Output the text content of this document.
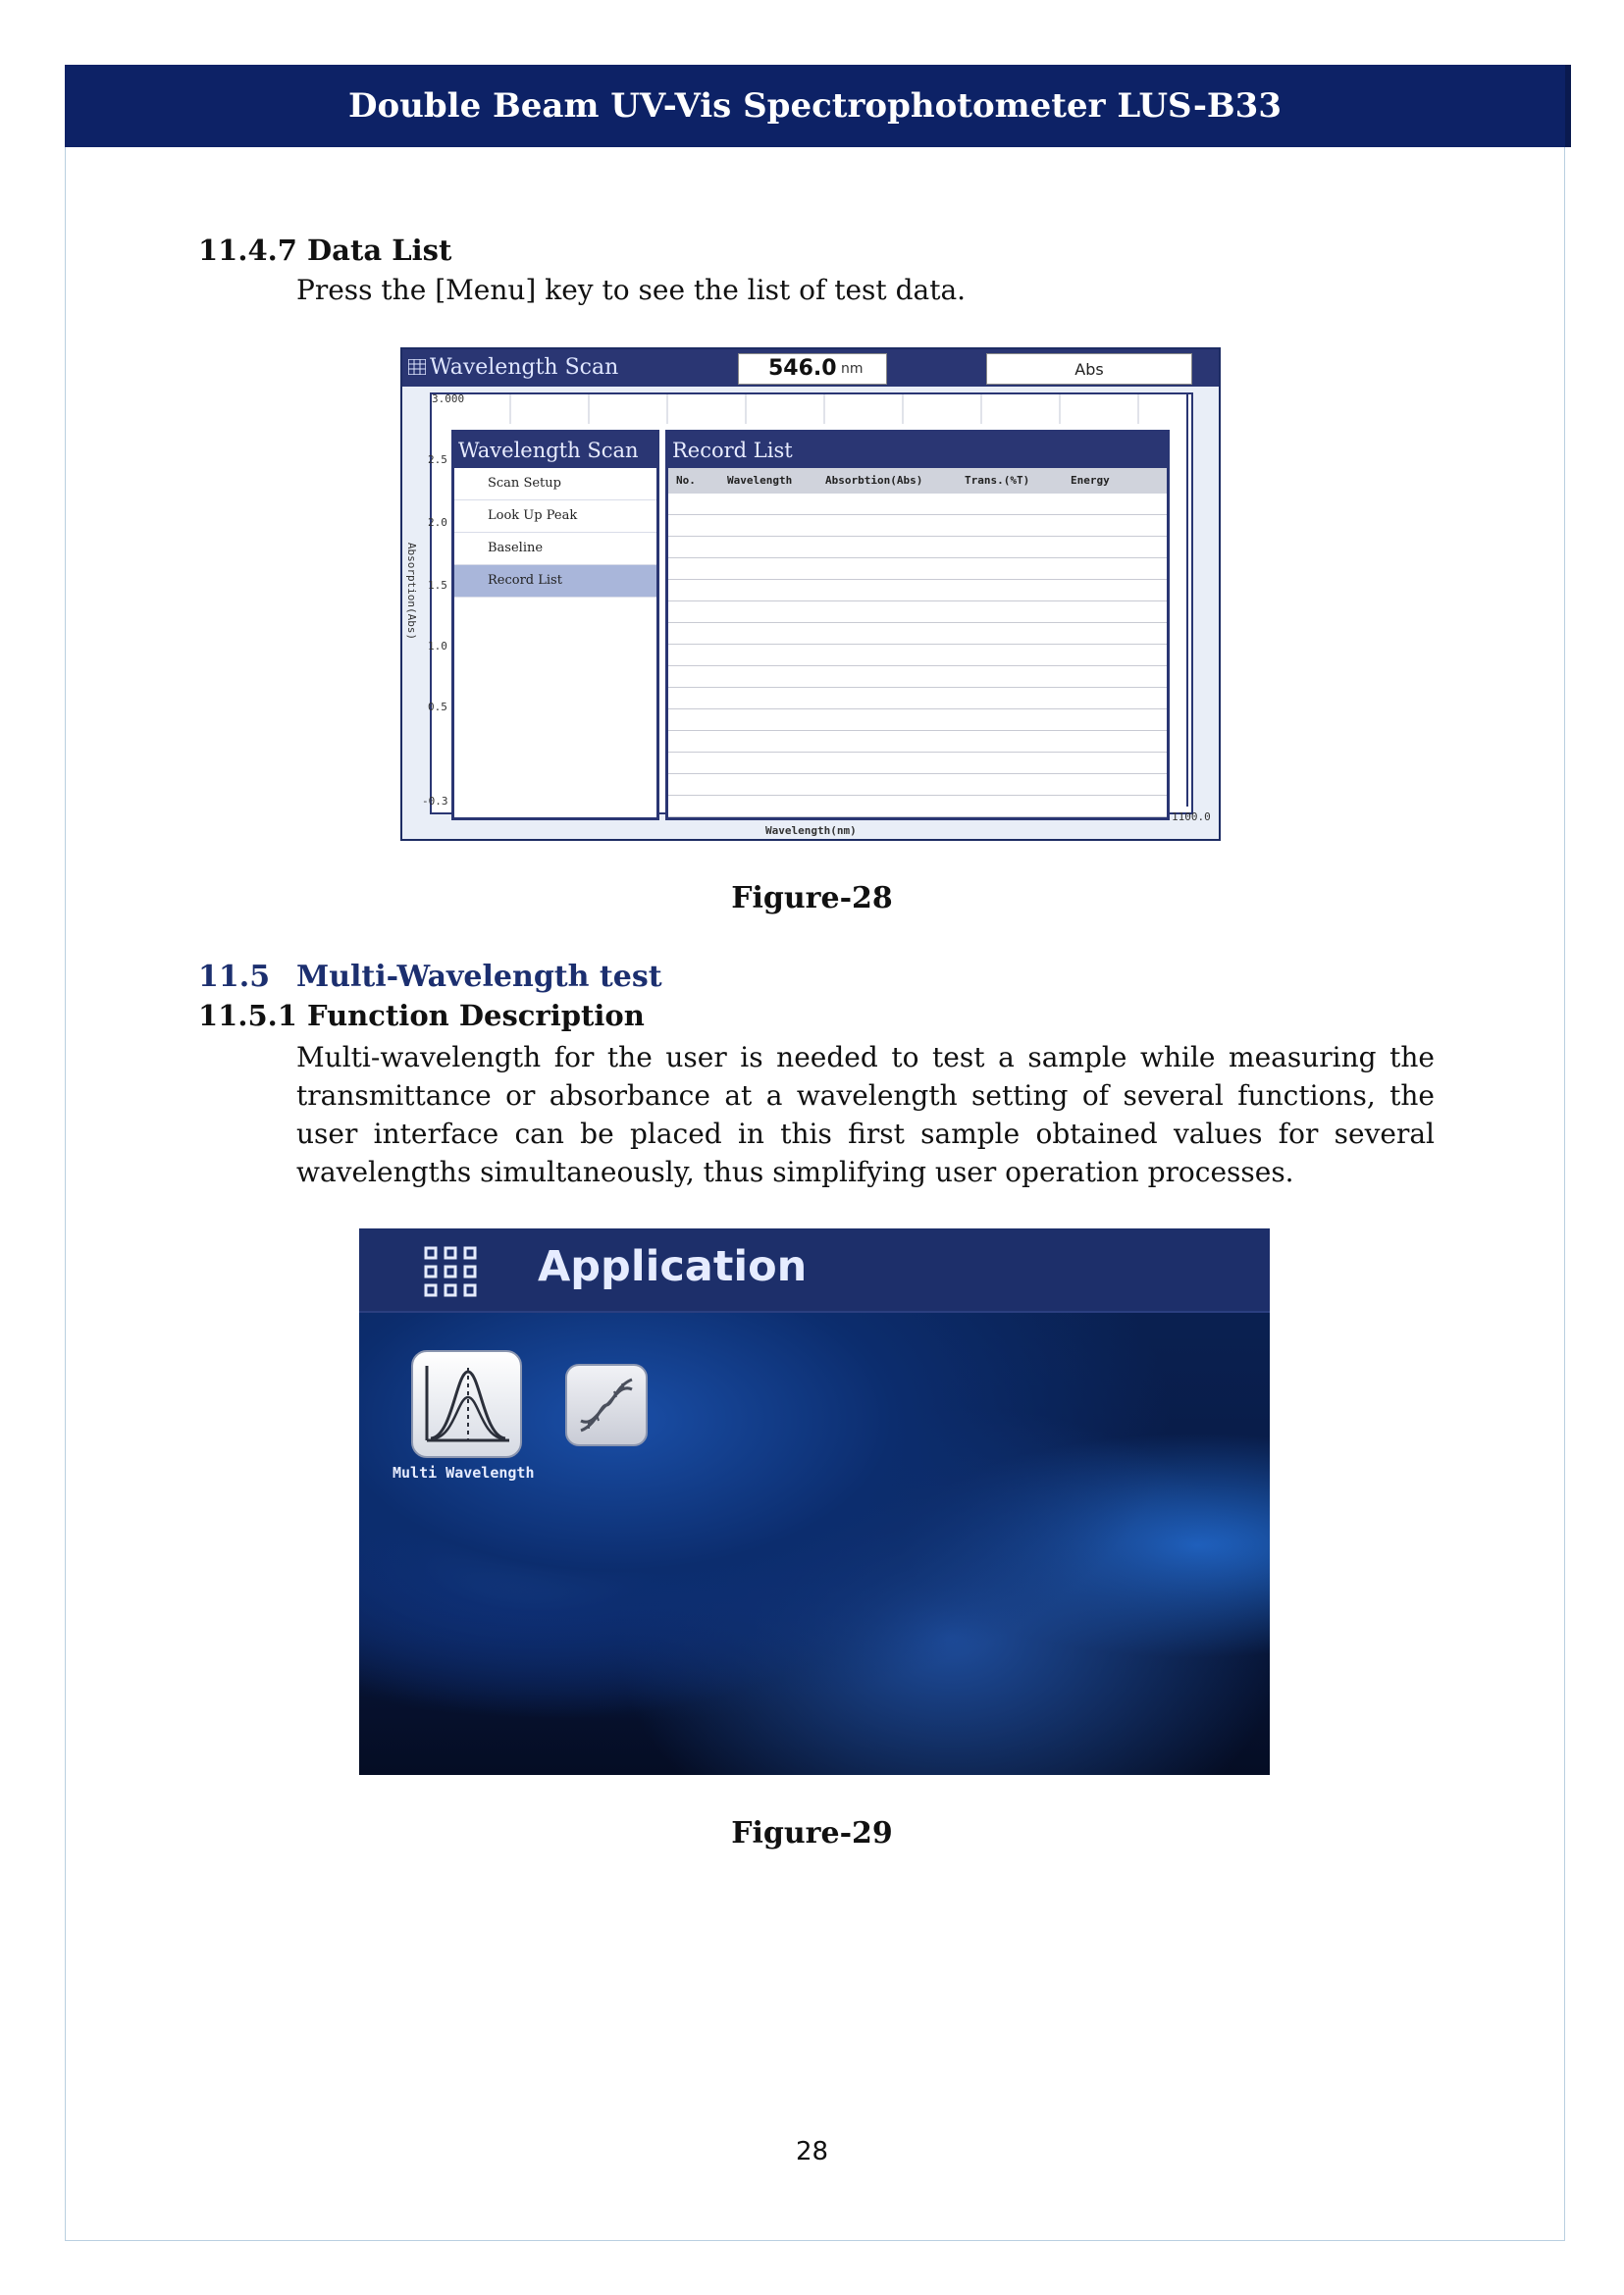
Double Beam UV-Vis Spectrophotometer LUS-B33
11.4.7 Data List
Press the [Menu] key to see the list of test data.
Wavelength Scan	546.0 nm	Abs
3.000
2.5
2.0
1.5
1.0
0.5
-0.3
Absorption(Abs)
Wavelength(nm)
1100.0
Wavelength Scan
Scan Setup
Look Up Peak
Baseline
Record List
Record List
No.	Wavelength	Absorbtion(Abs)	Trans.(%T)	Energy
Figure-28
11.5 Multi-Wavelength test
11.5.1 Function Description
Multi-wavelength for the user is needed to test a sample while measuring the transmittance or absorbance at a wavelength setting of several functions, the user interface can be placed in this first sample obtained values for several wavelengths simultaneously, thus simplifying user operation processes.
Application
Multi Wavelength
Figure-29
28
